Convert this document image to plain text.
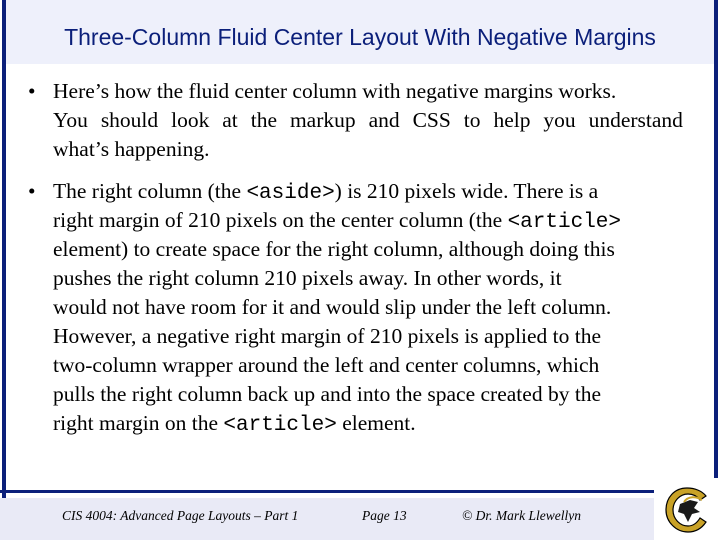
Three-Column Fluid Center Layout With Negative Margins
• Here’s how the fluid center column with negative margins works.
You should look at the markup and CSS to help you understand
what’s happening.
• The right column (the <aside>) is 210 pixels wide. There is a
right margin of 210 pixels on the center column (the <article>
element) to create space for the right column, although doing this
pushes the right column 210 pixels away. In other words, it
would not have room for it and would slip under the left column.
However, a negative right margin of 210 pixels is applied to the
two-column wrapper around the left and center columns, which
pulls the right column back up and into the space created by the
right margin on the <article> element.
CIS 4004: Advanced Page Layouts – Part 1	Page 13	© Dr. Mark Llewellyn
